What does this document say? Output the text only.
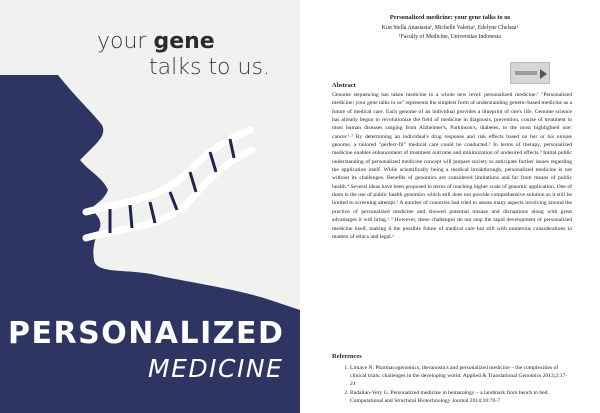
your gene
talks to us.
PERSONALIZED
MEDICINE
Personalized medicine: your gene talks to us
Kun Stella Anastasia¹, Michelle Valeria¹, Edelyne Chelsea¹
¹Faculty of Medicine, Universitas Indonesia
Abstract

Genome sequencing has taken medicine to a whole new level: personalized medicine.¹ "Personalized medicine: your gene talks to us" represents the simplest form of understanding genetic-based medicine as a future of medical care. Each genome of an individual provides a blueprint of one's life. Genome science has already begun to revolutionize the field of medicine in diagnosis, prevention, course of treatment in most human diseases ranging from Alzheimer's, Parkinson's, diabetes, to the most highlighted one: cancer.¹˒² By determining an individual's drug response and risk effects based on her or his unique genome, a tailored "perfect-fit" medical care could be conducted.³ In terms of therapy, personalized medicine enables enhancement of treatment outcome and minimization of undesired effects.³ Initial public understanding of personalized medicine concept will prepare society to anticipate further issues regarding the application itself. While scientifically being a medical breakthrough, personalized medicine is not without its challenges. Benefits of genomics are considered limitations and far from means of public health.⁴ Several ideas have been proposed in terms of reaching higher scale of genomic application. One of them is the use of public health genomics which still does not provide comprehensive solution as it still be limited to screening attempt.⁵ A number of countries had tried to assess many aspects involving around the practice of personalized medicine and showed potential misuse and disruptions along with great advantages it will bring.¹˒⁵ However, these challenges do not stop the rapid development of personalized medicine itself, making it the possible future of medical care but still with numerous considerations in matters of ethics and legal.²

References
1. Limaye N. Pharmacogenomics, theranostics and personalized medicine – the complexities of clinical trials: challenges in the developing world. Applied & Translational Genomics 2013;2:17-21
2. Badalian-Very G. Personalized medicine in hematology – a landmark from bench to bed. Computational and Structural Biotechnology Journal 2014;10:70-7
